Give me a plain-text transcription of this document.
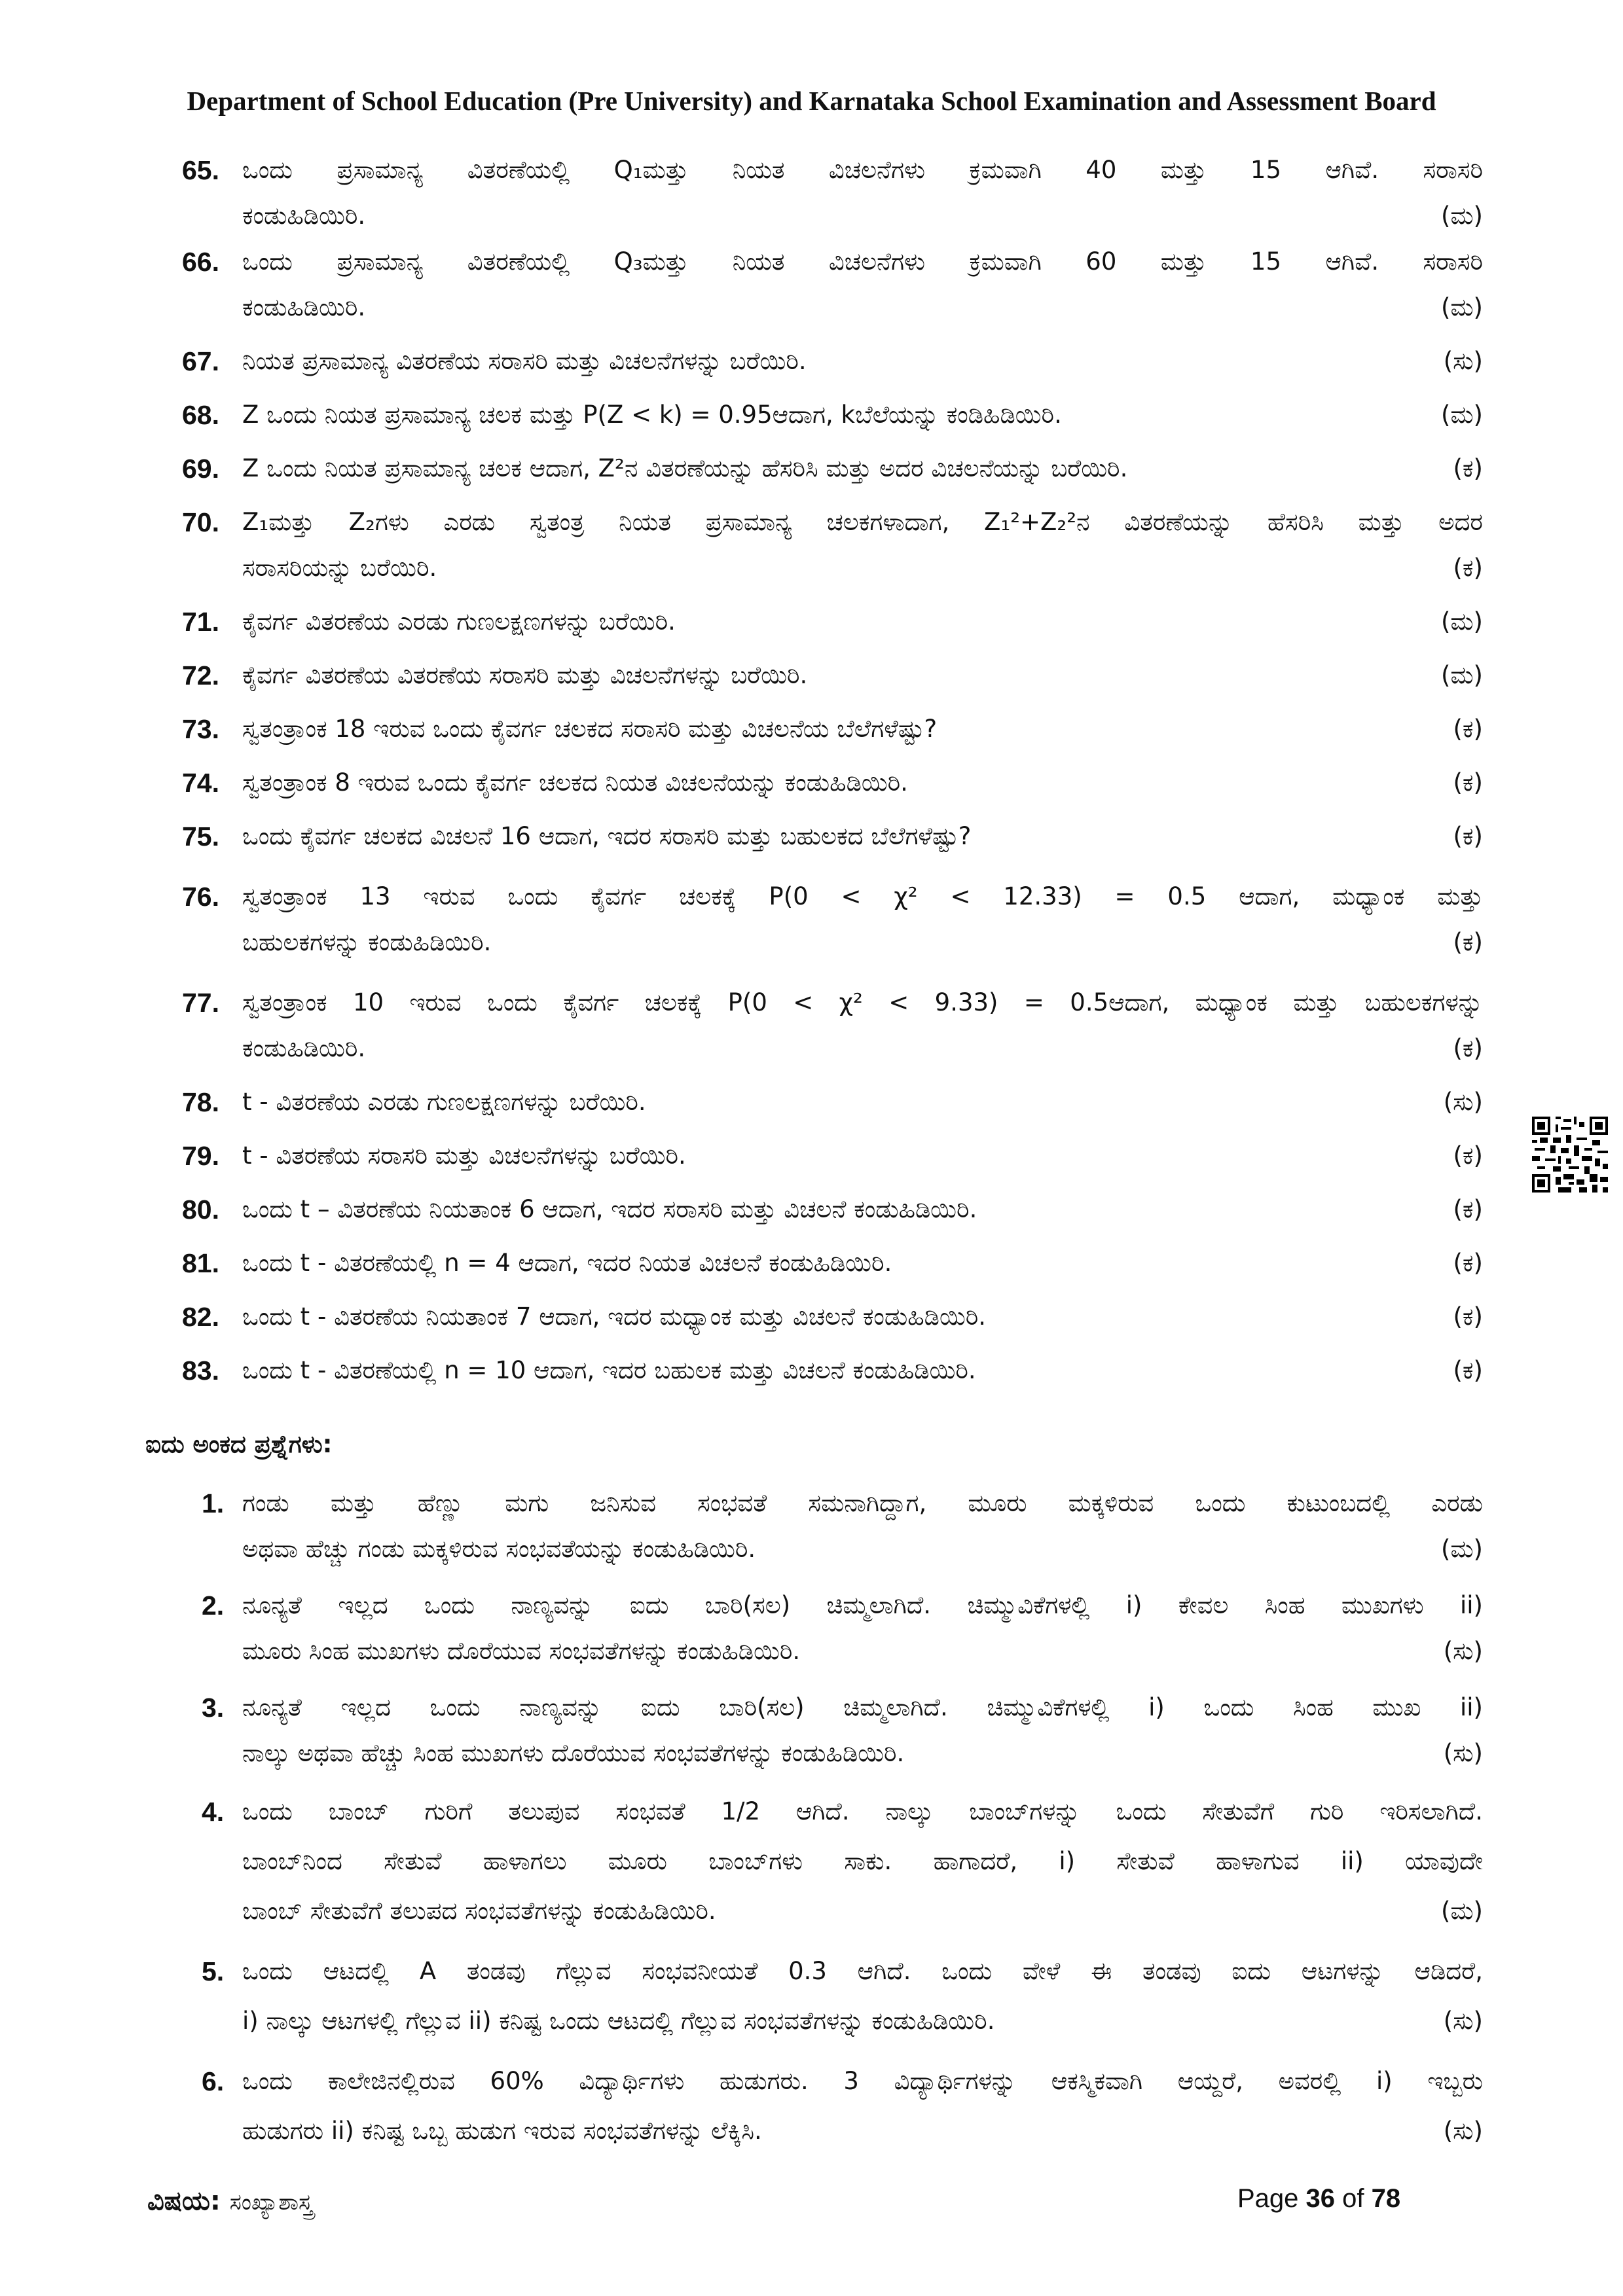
Department of School Education (Pre University) and Karnataka School Examination and Assessment Board
65. ಒಂದು ಪ್ರಸಾಮಾನ್ಯ ವಿತರಣೆಯಲ್ಲಿ Q₁ಮತ್ತು ನಿಯತ ವಿಚಲನೆಗಳು ಕ್ರಮವಾಗಿ 40 ಮತ್ತು 15 ಆಗಿವೆ. ಸರಾಸರಿ
ಕಂಡುಹಿಡಿಯಿರಿ.	(ಮ)
66. ಒಂದು ಪ್ರಸಾಮಾನ್ಯ ವಿತರಣೆಯಲ್ಲಿ Q₃ಮತ್ತು ನಿಯತ ವಿಚಲನೆಗಳು ಕ್ರಮವಾಗಿ 60 ಮತ್ತು 15 ಆಗಿವೆ. ಸರಾಸರಿ
ಕಂಡುಹಿಡಿಯಿರಿ.	(ಮ)
67. ನಿಯತ ಪ್ರಸಾಮಾನ್ಯ ವಿತರಣೆಯ ಸರಾಸರಿ ಮತ್ತು ವಿಚಲನೆಗಳನ್ನು ಬರೆಯಿರಿ.	(ಸು)
68. Z ಒಂದು ನಿಯತ ಪ್ರಸಾಮಾನ್ಯ ಚಲಕ ಮತ್ತು P(Z < k) = 0.95ಆದಾಗ, kಬೆಲೆಯನ್ನು ಕಂಡಿಹಿಡಿಯಿರಿ.	(ಮ)
69. Z ಒಂದು ನಿಯತ ಪ್ರಸಾಮಾನ್ಯ ಚಲಕ ಆದಾಗ, Z²ನ ವಿತರಣೆಯನ್ನು ಹೆಸರಿಸಿ ಮತ್ತು ಅದರ ವಿಚಲನೆಯನ್ನು ಬರೆಯಿರಿ.	(ಕ)
70. Z₁ಮತ್ತು Z₂ಗಳು ಎರಡು ಸ್ವತಂತ್ರ ನಿಯತ ಪ್ರಸಾಮಾನ್ಯ ಚಲಕಗಳಾದಾಗ, Z₁²+Z₂²ನ ವಿತರಣೆಯನ್ನು ಹೆಸರಿಸಿ ಮತ್ತು ಅದರ
ಸರಾಸರಿಯನ್ನು ಬರೆಯಿರಿ.	(ಕ)
71. ಕೈವರ್ಗ ವಿತರಣೆಯ ಎರಡು ಗುಣಲಕ್ಷಣಗಳನ್ನು ಬರೆಯಿರಿ.	(ಮ)
72. ಕೈವರ್ಗ ವಿತರಣೆಯ ವಿತರಣೆಯ ಸರಾಸರಿ ಮತ್ತು ವಿಚಲನೆಗಳನ್ನು ಬರೆಯಿರಿ.	(ಮ)
73. ಸ್ವತಂತ್ರಾಂಕ 18 ಇರುವ ಒಂದು ಕೈವರ್ಗ ಚಲಕದ ಸರಾಸರಿ ಮತ್ತು ವಿಚಲನೆಯ ಬೆಲೆಗಳೆಷ್ಟು?	(ಕ)
74. ಸ್ವತಂತ್ರಾಂಕ 8 ಇರುವ ಒಂದು ಕೈವರ್ಗ ಚಲಕದ ನಿಯತ ವಿಚಲನೆಯನ್ನು ಕಂಡುಹಿಡಿಯಿರಿ.	(ಕ)
75. ಒಂದು ಕೈವರ್ಗ ಚಲಕದ ವಿಚಲನೆ 16 ಆದಾಗ, ಇದರ ಸರಾಸರಿ ಮತ್ತು ಬಹುಲಕದ ಬೆಲೆಗಳೆಷ್ಟು?	(ಕ)
76. ಸ್ವತಂತ್ರಾಂಕ 13 ಇರುವ ಒಂದು ಕೈವರ್ಗ ಚಲಕಕ್ಕೆ P(0 < χ² < 12.33) = 0.5 ಆದಾಗ, ಮಧ್ಯಾಂಕ ಮತ್ತು
ಬಹುಲಕಗಳನ್ನು ಕಂಡುಹಿಡಿಯಿರಿ.	(ಕ)
77. ಸ್ವತಂತ್ರಾಂಕ 10 ಇರುವ ಒಂದು ಕೈವರ್ಗ ಚಲಕಕ್ಕೆ P(0 < χ² < 9.33) = 0.5ಆದಾಗ, ಮಧ್ಯಾಂಕ ಮತ್ತು ಬಹುಲಕಗಳನ್ನು
ಕಂಡುಹಿಡಿಯಿರಿ.	(ಕ)
78. t - ವಿತರಣೆಯ ಎರಡು ಗುಣಲಕ್ಷಣಗಳನ್ನು ಬರೆಯಿರಿ.	(ಸು)
79. t - ವಿತರಣೆಯ ಸರಾಸರಿ ಮತ್ತು ವಿಚಲನೆಗಳನ್ನು ಬರೆಯಿರಿ.	(ಕ)
80. ಒಂದು t – ವಿತರಣೆಯ ನಿಯತಾಂಕ 6 ಆದಾಗ, ಇದರ ಸರಾಸರಿ ಮತ್ತು ವಿಚಲನೆ ಕಂಡುಹಿಡಿಯಿರಿ.	(ಕ)
81. ಒಂದು t - ವಿತರಣೆಯಲ್ಲಿ n = 4 ಆದಾಗ, ಇದರ ನಿಯತ ವಿಚಲನೆ ಕಂಡುಹಿಡಿಯಿರಿ.	(ಕ)
82. ಒಂದು t - ವಿತರಣೆಯ ನಿಯತಾಂಕ 7 ಆದಾಗ, ಇದರ ಮಧ್ಯಾಂಕ ಮತ್ತು ವಿಚಲನೆ ಕಂಡುಹಿಡಿಯಿರಿ.	(ಕ)
83. ಒಂದು t - ವಿತರಣೆಯಲ್ಲಿ n = 10 ಆದಾಗ, ಇದರ ಬಹುಲಕ ಮತ್ತು ವಿಚಲನೆ ಕಂಡುಹಿಡಿಯಿರಿ.	(ಕ)
ಐದು ಅಂಕದ ಪ್ರಶ್ನೆಗಳು:
1. ಗಂಡು ಮತ್ತು ಹೆಣ್ಣು ಮಗು ಜನಿಸುವ ಸಂಭವತೆ ಸಮನಾಗಿದ್ದಾಗ, ಮೂರು ಮಕ್ಕಳಿರುವ ಒಂದು ಕುಟುಂಬದಲ್ಲಿ ಎರಡು
ಅಥವಾ ಹೆಚ್ಚು ಗಂಡು ಮಕ್ಕಳಿರುವ ಸಂಭವತೆಯನ್ನು ಕಂಡುಹಿಡಿಯಿರಿ.	(ಮ)
2. ನೂನ್ಯತೆ ಇಲ್ಲದ ಒಂದು ನಾಣ್ಯವನ್ನು ಐದು ಬಾರಿ(ಸಲ) ಚಿಮ್ಮಲಾಗಿದೆ. ಚಿಮ್ಮುವಿಕೆಗಳಲ್ಲಿ i) ಕೇವಲ ಸಿಂಹ ಮುಖಗಳು ii)
ಮೂರು ಸಿಂಹ ಮುಖಗಳು ದೊರೆಯುವ ಸಂಭವತೆಗಳನ್ನು ಕಂಡುಹಿಡಿಯಿರಿ.	(ಸು)
3. ನೂನ್ಯತೆ ಇಲ್ಲದ ಒಂದು ನಾಣ್ಯವನ್ನು ಐದು ಬಾರಿ(ಸಲ) ಚಿಮ್ಮಲಾಗಿದೆ. ಚಿಮ್ಮುವಿಕೆಗಳಲ್ಲಿ i) ಒಂದು ಸಿಂಹ ಮುಖ ii)
ನಾಲ್ಕು ಅಥವಾ ಹೆಚ್ಚು ಸಿಂಹ ಮುಖಗಳು ದೊರೆಯುವ ಸಂಭವತೆಗಳನ್ನು ಕಂಡುಹಿಡಿಯಿರಿ.	(ಸು)
4. ಒಂದು ಬಾಂಬ್ ಗುರಿಗೆ ತಲುಪುವ ಸಂಭವತೆ 1/2 ಆಗಿದೆ. ನಾಲ್ಕು ಬಾಂಬ್‌ಗಳನ್ನು ಒಂದು ಸೇತುವೆಗೆ ಗುರಿ ಇರಿಸಲಾಗಿದೆ.
ಬಾಂಬ್‌ನಿಂದ ಸೇತುವೆ ಹಾಳಾಗಲು ಮೂರು ಬಾಂಬ್‌ಗಳು ಸಾಕು. ಹಾಗಾದರೆ, i) ಸೇತುವೆ ಹಾಳಾಗುವ ii) ಯಾವುದೇ
ಬಾಂಬ್ ಸೇತುವೆಗೆ ತಲುಪದ ಸಂಭವತೆಗಳನ್ನು ಕಂಡುಹಿಡಿಯಿರಿ.	(ಮ)
5. ಒಂದು ಆಟದಲ್ಲಿ A ತಂಡವು ಗೆಲ್ಲುವ ಸಂಭವನೀಯತೆ 0.3 ಆಗಿದೆ. ಒಂದು ವೇಳೆ ಈ ತಂಡವು ಐದು ಆಟಗಳನ್ನು ಆಡಿದರೆ,
i) ನಾಲ್ಕು ಆಟಗಳಲ್ಲಿ ಗೆಲ್ಲುವ ii) ಕನಿಷ್ಟ ಒಂದು ಆಟದಲ್ಲಿ ಗೆಲ್ಲುವ ಸಂಭವತೆಗಳನ್ನು ಕಂಡುಹಿಡಿಯಿರಿ.	(ಸು)
6. ಒಂದು ಕಾಲೇಜಿನಲ್ಲಿರುವ 60% ವಿದ್ಯಾರ್ಥಿಗಳು ಹುಡುಗರು. 3 ವಿದ್ಯಾರ್ಥಿಗಳನ್ನು ಆಕಸ್ಮಿಕವಾಗಿ ಆಯ್ದರೆ, ಅವರಲ್ಲಿ i) ಇಬ್ಬರು
ಹುಡುಗರು ii) ಕನಿಷ್ಟ ಒಬ್ಬ ಹುಡುಗ ಇರುವ ಸಂಭವತೆಗಳನ್ನು ಲೆಕ್ಕಿಸಿ.	(ಸು)
ವಿಷಯ: ಸಂಖ್ಯಾಶಾಸ್ತ್ರ	Page 36 of 78
